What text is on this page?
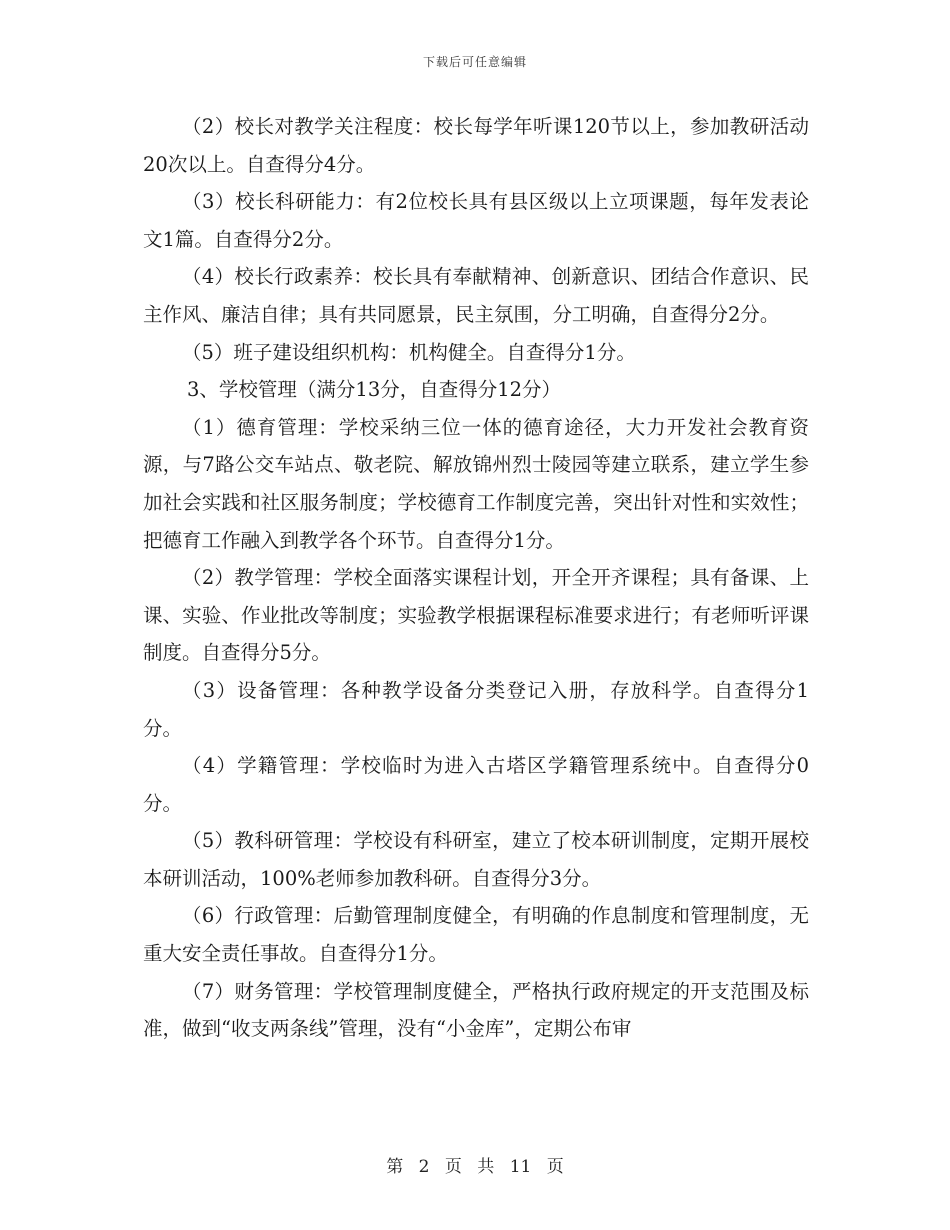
下载后可任意编辑

（2）校长对教学关注程度：校长每学年听课120节以上，参加教研活动20次以上。自查得分4分。

（3）校长科研能力：有2位校长具有县区级以上立项课题，每年发表论文1篇。自查得分2分。

（4）校长行政素养：校长具有奉献精神、创新意识、团结合作意识、民主作风、廉洁自律；具有共同愿景，民主氛围，分工明确，自查得分2分。

（5）班子建设组织机构：机构健全。自查得分1分。

3、学校管理（满分13分，自查得分12分）

（1）德育管理：学校采纳三位一体的德育途径，大力开发社会教育资源，与7路公交车站点、敬老院、解放锦州烈士陵园等建立联系，建立学生参加社会实践和社区服务制度；学校德育工作制度完善，突出针对性和实效性；把德育工作融入到教学各个环节。自查得分1分。

（2）教学管理：学校全面落实课程计划，开全开齐课程；具有备课、上课、实验、作业批改等制度；实验教学根据课程标准要求进行；有老师听评课制度。自查得分5分。

（3）设备管理：各种教学设备分类登记入册，存放科学。自查得分1分。

（4）学籍管理：学校临时为进入古塔区学籍管理系统中。自查得分0分。

（5）教科研管理：学校设有科研室，建立了校本研训制度，定期开展校本研训活动，100%老师参加教科研。自查得分3分。

（6）行政管理：后勤管理制度健全，有明确的作息制度和管理制度，无重大安全责任事故。自查得分1分。

（7）财务管理：学校管理制度健全，严格执行政府规定的开支范围及标准，做到“收支两条线”管理，没有“小金库”，定期公布审

第 2 页 共 11 页
